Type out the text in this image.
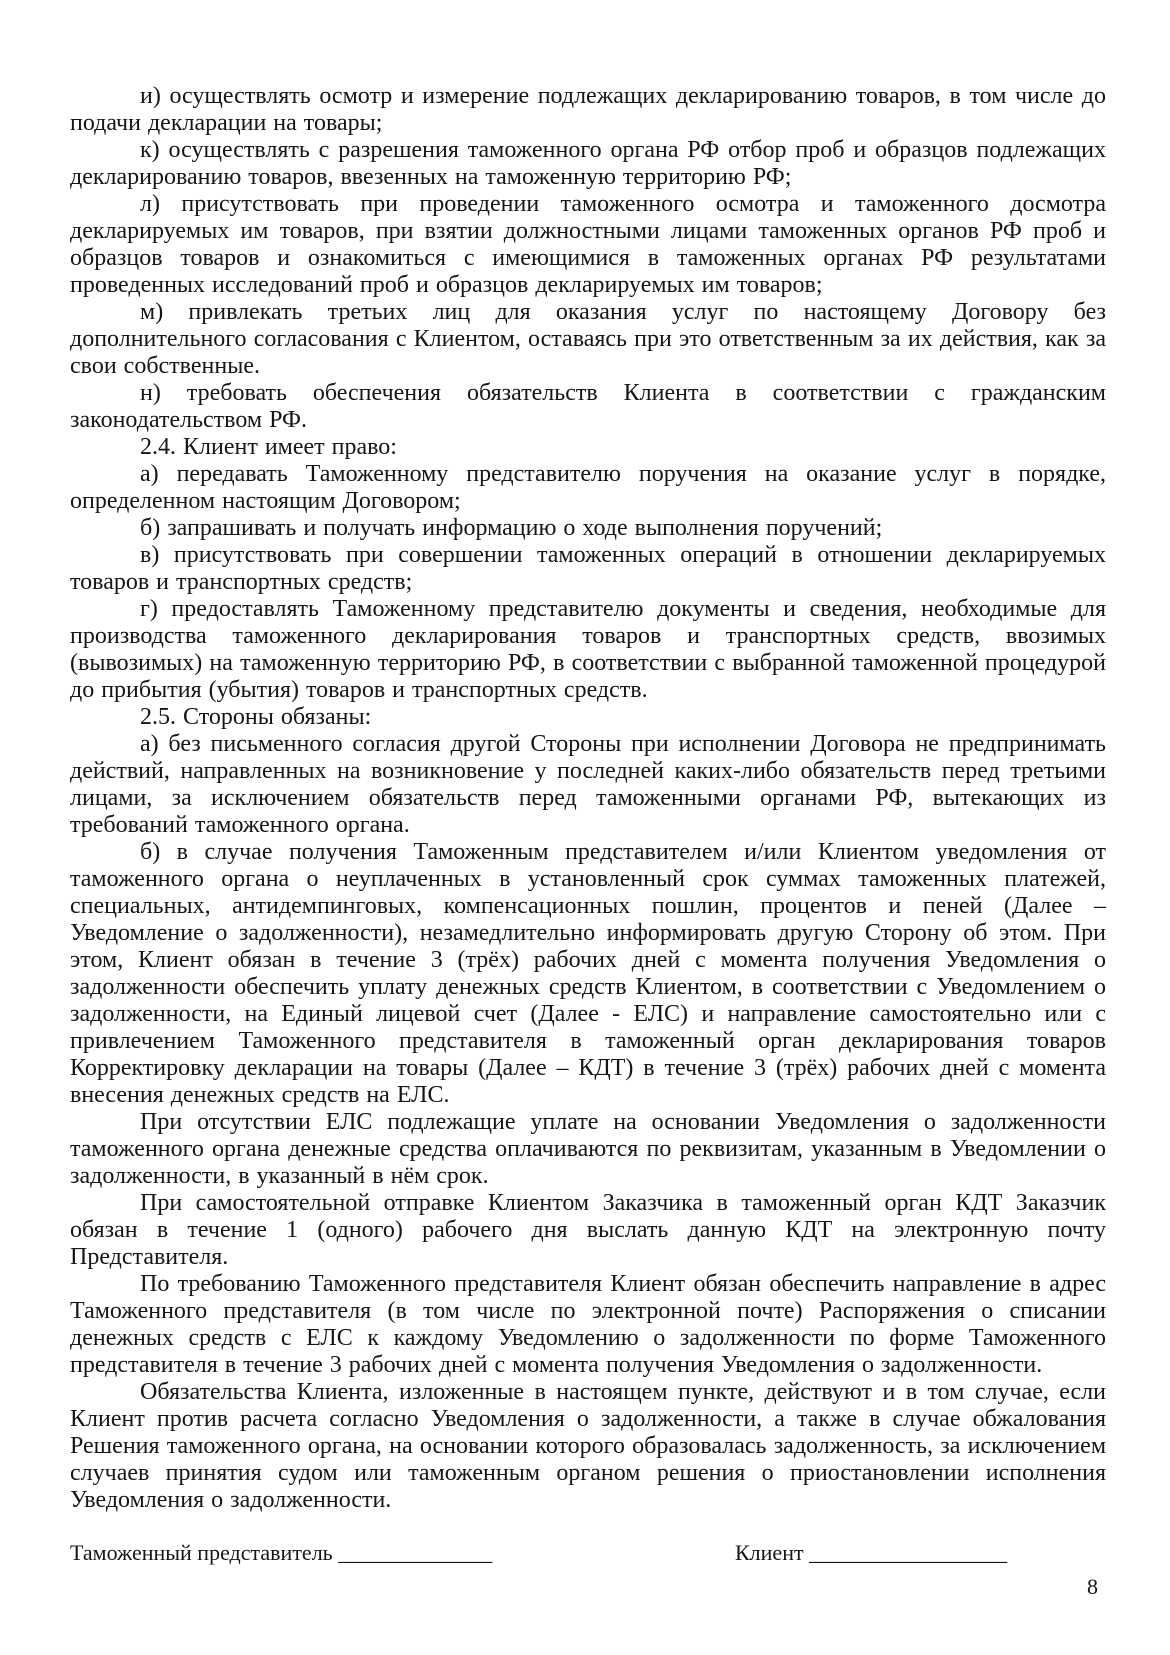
и) осуществлять осмотр и измерение подлежащих декларированию товаров, в том числе до подачи декларации на товары;

к) осуществлять с разрешения таможенного органа РФ отбор проб и образцов подлежащих декларированию товаров, ввезенных на таможенную территорию РФ;

л) присутствовать при проведении таможенного осмотра и таможенного досмотра декларируемых им товаров, при взятии должностными лицами таможенных органов РФ проб и образцов товаров и ознакомиться с имеющимися в таможенных органах РФ результатами проведенных исследований проб и образцов декларируемых им товаров;

м) привлекать третьих лиц для оказания услуг по настоящему Договору без дополнительного согласования с Клиентом, оставаясь при это ответственным за их действия, как за свои собственные.

н) требовать обеспечения обязательств Клиента в соответствии с гражданским законодательством РФ.

2.4. Клиент имеет право:

а) передавать Таможенному представителю поручения на оказание услуг в порядке, определенном настоящим Договором;

б) запрашивать и получать информацию о ходе выполнения поручений;

в) присутствовать при совершении таможенных операций в отношении декларируемых товаров и транспортных средств;

г) предоставлять Таможенному представителю документы и сведения, необходимые для производства таможенного декларирования товаров и транспортных средств, ввозимых (вывозимых) на таможенную территорию РФ, в соответствии с выбранной таможенной процедурой до прибытия (убытия) товаров и транспортных средств.

2.5. Стороны обязаны:

а) без письменного согласия другой Стороны при исполнении Договора не предпринимать действий, направленных на возникновение у последней каких-либо обязательств перед третьими лицами, за исключением обязательств перед таможенными органами РФ, вытекающих из требований таможенного органа.

б) в случае получения Таможенным представителем и/или Клиентом уведомления от таможенного органа о неуплаченных в установленный срок суммах таможенных платежей, специальных, антидемпинговых, компенсационных пошлин, процентов и пеней (Далее – Уведомление о задолженности), незамедлительно информировать другую Сторону об этом. При этом, Клиент обязан в течение 3 (трёх) рабочих дней с момента получения Уведомления о задолженности обеспечить уплату денежных средств Клиентом, в соответствии с Уведомлением о задолженности, на Единый лицевой счет (Далее - ЕЛС) и направление самостоятельно или с привлечением Таможенного представителя в таможенный орган декларирования товаров Корректировку декларации на товары (Далее – КДТ) в течение 3 (трёх) рабочих дней с момента внесения денежных средств на ЕЛС.

При отсутствии ЕЛС подлежащие уплате на основании Уведомления о задолженности таможенного органа денежные средства оплачиваются по реквизитам, указанным в Уведомлении о задолженности, в указанный в нём срок.

При самостоятельной отправке Клиентом Заказчика в таможенный орган КДТ Заказчик обязан в течение 1 (одного) рабочего дня выслать данную КДТ на электронную почту Представителя.

По требованию Таможенного представителя Клиент обязан обеспечить направление в адрес Таможенного представителя (в том числе по электронной почте) Распоряжения о списании денежных средств с ЕЛС к каждому Уведомлению о задолженности по форме Таможенного представителя в течение 3 рабочих дней с момента получения Уведомления о задолженности.

Обязательства Клиента, изложенные в настоящем пункте, действуют и в том случае, если Клиент против расчета согласно Уведомления о задолженности, а также в случае обжалования Решения таможенного органа, на основании которого образовалась задолженность, за исключением случаев принятия судом или таможенным органом решения о приостановлении исполнения Уведомления о задолженности.

Таможенный представитель ______________	Клиент __________________
8
